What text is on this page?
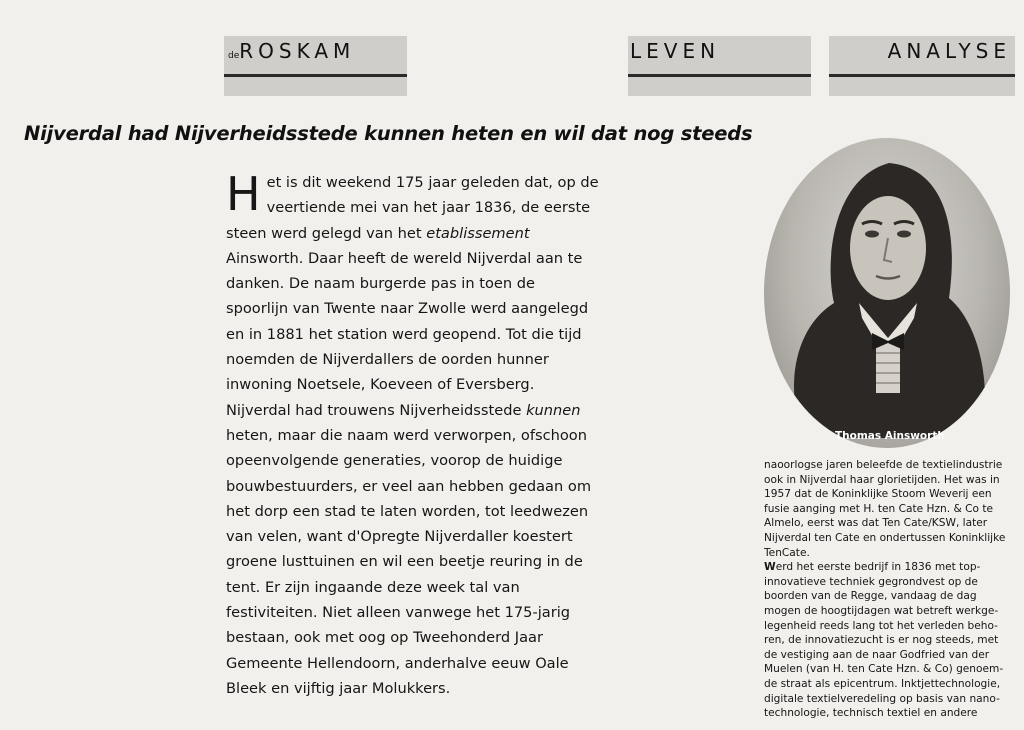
deROSKAM	LEVEN	ANALYSE
Nijverdal had Nijverheidsstede kunnen heten en wil dat nog steeds
H et is dit weekend 175 jaar geleden dat, op de
veertiende mei van het jaar 1836, de eerste
steen werd gelegd van het etablissement
Ainsworth. Daar heeft de wereld Nijverdal aan te
danken. De naam burgerde pas in toen de
spoorlijn van Twente naar Zwolle werd aangelegd
en in 1881 het station werd geopend. Tot die tijd
noemden de Nijverdallers de oorden hunner
inwoning Noetsele, Koeveen of Eversberg.
Nijverdal had trouwens Nijverheidsstede kunnen
heten, maar die naam werd verworpen, ofschoon
opeenvolgende generaties, voorop de huidige
bouwbestuurders, er veel aan hebben gedaan om
het dorp een stad te laten worden, tot leedwezen
van velen, want d'Opregte Nijverdaller koestert
groene lusttuinen en wil een beetje reuring in de
tent. Er zijn ingaande deze week tal van
festiviteiten. Niet alleen vanwege het 175-jarig
bestaan, ook met oog op Tweehonderd Jaar
Gemeente Hellendoorn, anderhalve eeuw Oale
Bleek en vijftig jaar Molukkers.
Thomas Ainsworth
naoorlogse jaren beleefde de textielindustrie
ook in Nijverdal haar glorietijden. Het was in
1957 dat de Koninklijke Stoom Weverij een
fusie aanging met H. ten Cate Hzn. & Co te
Almelo, eerst was dat Ten Cate/KSW, later
Nijverdal ten Cate en ondertussen Koninklijke
TenCate.
Werd het eerste bedrijf in 1836 met top-
innovatieve techniek gegrondvest op de
boorden van de Regge, vandaag de dag
mogen de hoogtijdagen wat betreft werkge-
legenheid reeds lang tot het verleden beho-
ren, de innovatiezucht is er nog steeds, met
de vestiging aan de naar Godfried van der
Muelen (van H. ten Cate Hzn. & Co) genoem-
de straat als epicentrum. Inktjettechnologie,
digitale textielveredeling op basis van nano-
technologie, technisch textiel en andere
